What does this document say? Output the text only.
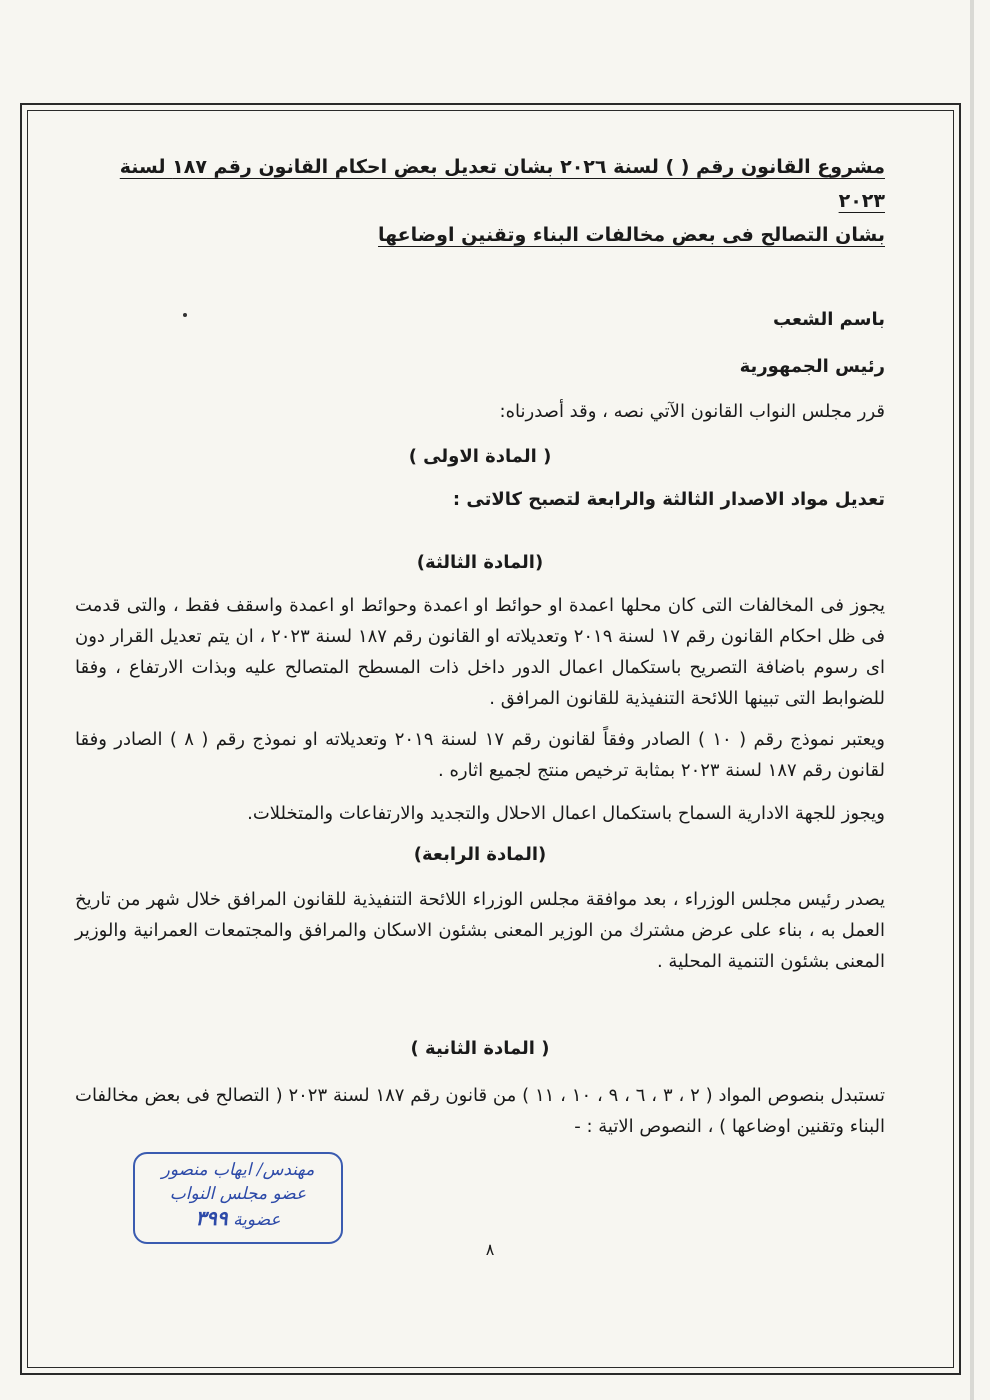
مشروع القانون رقم ( ) لسنة ٢٠٢٦ بشان تعديل بعض احكام القانون رقم ١٨٧ لسنة ٢٠٢٣

بشان التصالح فى بعض مخالفات البناء وتقنين اوضاعها

باسم الشعب

رئيس الجمهورية

قرر مجلس النواب القانون الآتي نصه ، وقد أصدرناه:

( المادة الاولى )

تعديل مواد الاصدار الثالثة والرابعة لتصبح كالاتى :

(المادة الثالثة)

يجوز فى المخالفات التى كان محلها اعمدة او حوائط او اعمدة وحوائط او اعمدة واسقف فقط ، والتى قدمت فى ظل احكام القانون رقم ١٧ لسنة ٢٠١٩ وتعديلاته او القانون رقم ١٨٧ لسنة ٢٠٢٣ ، ان يتم تعديل القرار دون اى رسوم باضافة التصريح باستكمال اعمال الدور داخل ذات المسطح المتصالح عليه وبذات الارتفاع ، وفقا للضوابط التى تبينها اللائحة التنفيذية للقانون المرافق .

ويعتبر نموذج رقم ( ١٠ ) الصادر وفقاً لقانون رقم ١٧ لسنة ٢٠١٩ وتعديلاته او نموذج رقم ( ٨ ) الصادر وفقا لقانون رقم ١٨٧ لسنة ٢٠٢٣ بمثابة ترخيص منتج لجميع اثاره .

ويجوز للجهة الادارية السماح باستكمال اعمال الاحلال والتجديد والارتفاعات والمتخللات.

(المادة الرابعة)

يصدر رئيس مجلس الوزراء ، بعد موافقة مجلس الوزراء اللائحة التنفيذية للقانون المرافق خلال شهر من تاريخ العمل به ، بناء على عرض مشترك من الوزير المعنى بشئون الاسكان والمرافق والمجتمعات العمرانية والوزير المعنى بشئون التنمية المحلية .

( المادة الثانية )

تستبدل بنصوص المواد ( ٢ ، ٣ ، ٦ ، ٩ ، ١٠ ، ١١ ) من قانون رقم ١٨٧ لسنة ٢٠٢٣ ( التصالح فى بعض مخالفات البناء وتقنين اوضاعها ) ، النصوص الاتية : -

مهندس/ ايهاب منصور
عضو مجلس النواب
عضوية ٣٩٩
٨
